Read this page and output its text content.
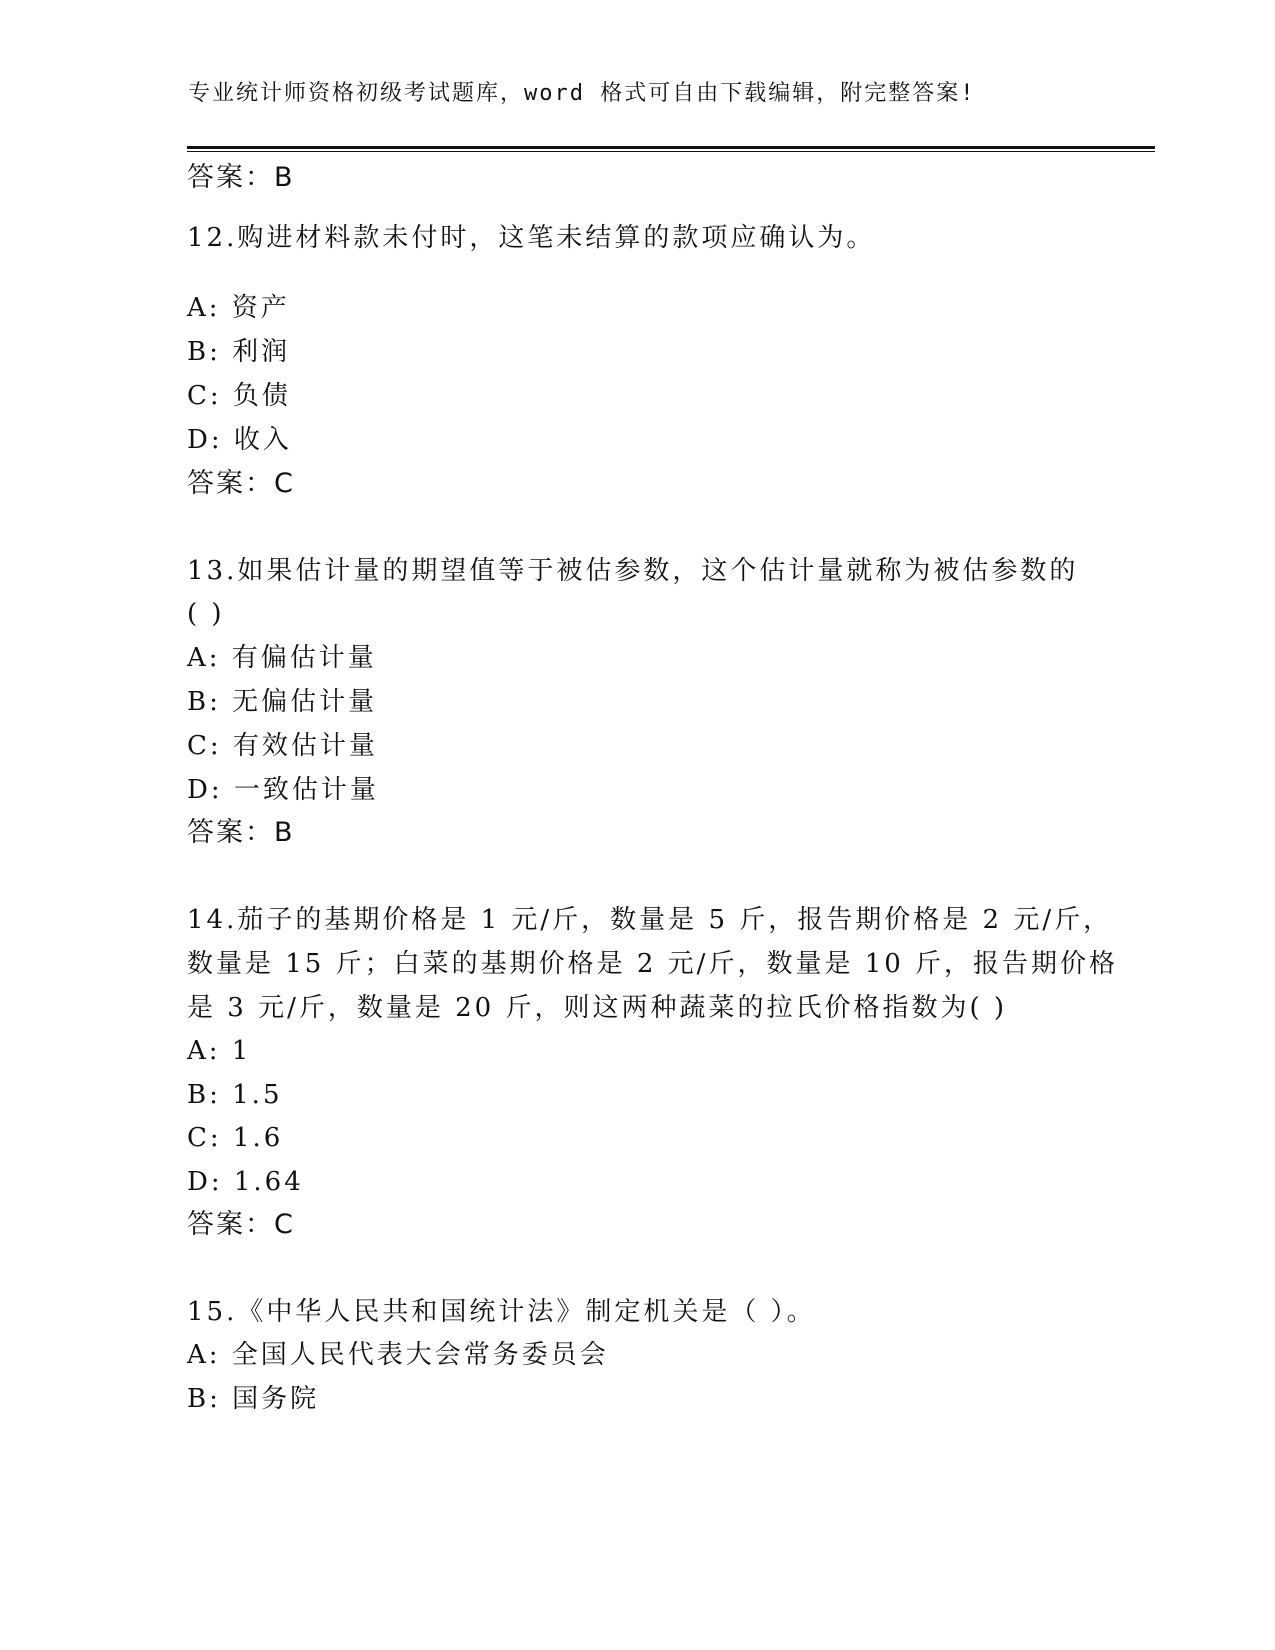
专业统计师资格初级考试题库，word 格式可自由下载编辑，附完整答案!
答案：B
12.购进材料款未付时，这笔未结算的款项应确认为。
A: 资产
B: 利润
C: 负债
D: 收入
答案：C
13.如果估计量的期望值等于被估参数，这个估计量就称为被估参数的
( )
A: 有偏估计量
B: 无偏估计量
C: 有效估计量
D: 一致估计量
答案：B
14.茄子的基期价格是 1 元/斤，数量是 5 斤，报告期价格是 2 元/斤，
数量是 15 斤；白菜的基期价格是 2 元/斤，数量是 10 斤，报告期价格
是 3 元/斤，数量是 20 斤，则这两种蔬菜的拉氏价格指数为( )
A: 1
B: 1.5
C: 1.6
D: 1.64
答案：C
15.《中华人民共和国统计法》制定机关是（ ）。
A: 全国人民代表大会常务委员会
B: 国务院
